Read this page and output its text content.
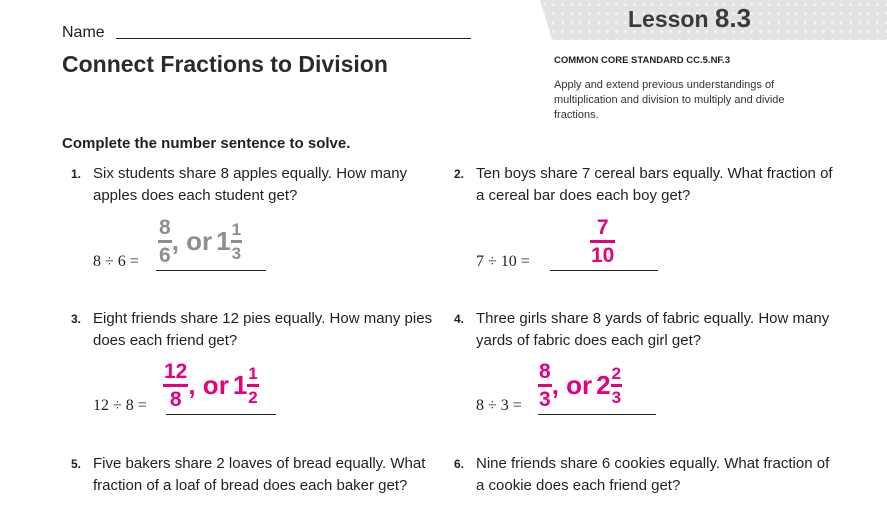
Lesson 8.3
Name
Connect Fractions to Division	COMMON CORE STANDARD CC.5.NF.3
Apply and extend previous understandings of multiplication and division to multiply and divide fractions.
Complete the number sentence to solve.
1. Six students share 8 apples equally. How many apples does each student get?
$8 \div 6 = \frac{8}{6}$ , or $1 \frac{1}{3}$
2. Ten boys share 7 cereal bars equally. What fraction of a cereal bar does each boy get?
7 ÷ 10 =	$\frac{7}{10}$
3. Eight friends share 12 pies equally. How many pies does each friend get?
$12 \div 8 = \frac{12}{8}$ , or $1 \frac{1}{2}$
4. Three girls share 8 yards of fabric equally. How many yards of fabric does each girl get?
$8 \div 3 = \frac{8}{3}$ , or $2 \frac{2}{3}$
5. Five bakers share 2 loaves of bread equally. What fraction of a loaf of bread does each baker get?
6. Nine friends share 6 cookies equally. What fraction of a cookie does each friend get?
